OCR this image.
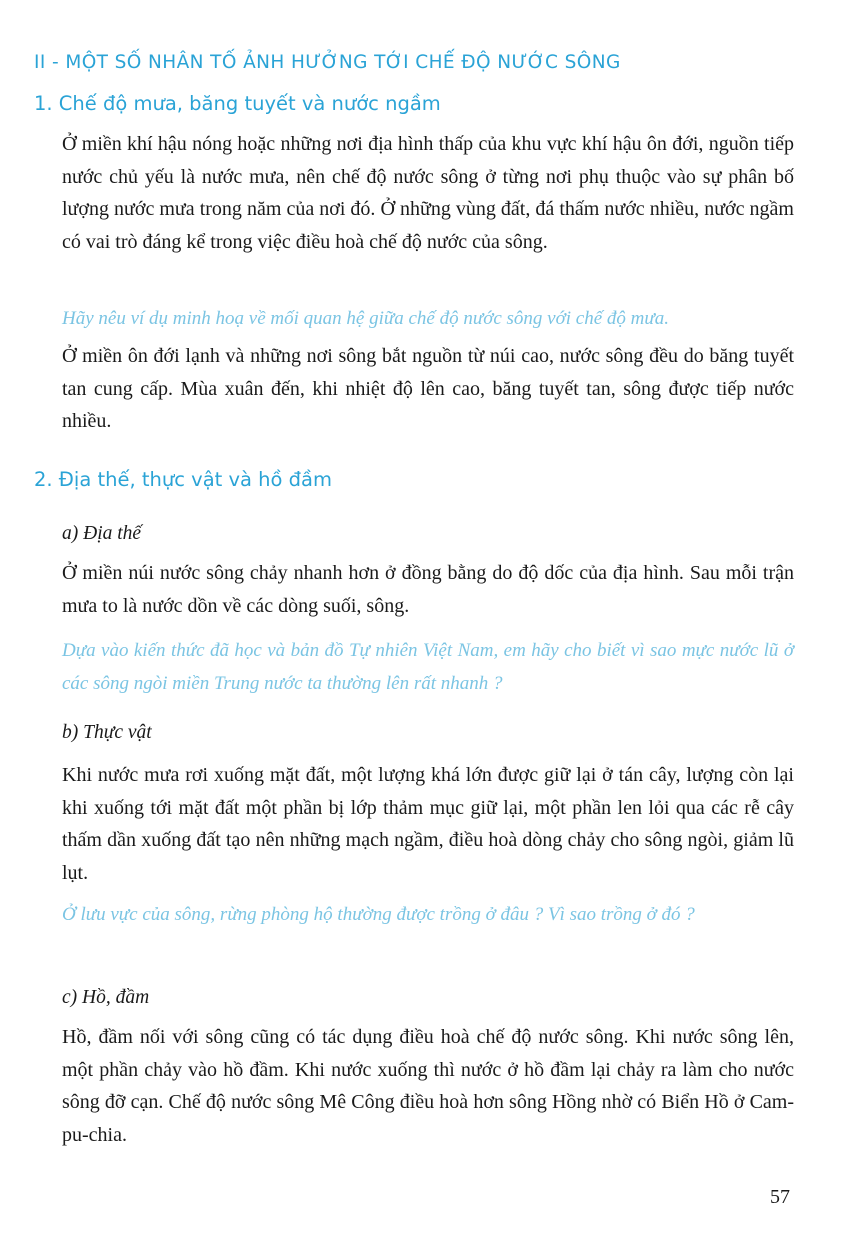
II - MỘT SỐ NHÂN TỐ ẢNH HƯỞNG TỚI CHẾ ĐỘ NƯỚC SÔNG
1. Chế độ mưa, băng tuyết và nước ngầm
Ở miền khí hậu nóng hoặc những nơi địa hình thấp của khu vực khí hậu ôn đới, nguồn tiếp nước chủ yếu là nước mưa, nên chế độ nước sông ở từng nơi phụ thuộc vào sự phân bố lượng nước mưa trong năm của nơi đó. Ở những vùng đất, đá thấm nước nhiều, nước ngầm có vai trò đáng kể trong việc điều hoà chế độ nước của sông.
Hãy nêu ví dụ minh hoạ về mối quan hệ giữa chế độ nước sông với chế độ mưa.
Ở miền ôn đới lạnh và những nơi sông bắt nguồn từ núi cao, nước sông đều do băng tuyết tan cung cấp. Mùa xuân đến, khi nhiệt độ lên cao, băng tuyết tan, sông được tiếp nước nhiều.
2. Địa thế, thực vật và hồ đầm
a) Địa thế
Ở miền núi nước sông chảy nhanh hơn ở đồng bằng do độ dốc của địa hình. Sau mỗi trận mưa to là nước dồn về các dòng suối, sông.
Dựa vào kiến thức đã học và bản đồ Tự nhiên Việt Nam, em hãy cho biết vì sao mực nước lũ ở các sông ngòi miền Trung nước ta thường lên rất nhanh ?
b) Thực vật
Khi nước mưa rơi xuống mặt đất, một lượng khá lớn được giữ lại ở tán cây, lượng còn lại khi xuống tới mặt đất một phần bị lớp thảm mục giữ lại, một phần len lỏi qua các rễ cây thấm dần xuống đất tạo nên những mạch ngầm, điều hoà dòng chảy cho sông ngòi, giảm lũ lụt.
Ở lưu vực của sông, rừng phòng hộ thường được trồng ở đâu ? Vì sao trồng ở đó ?
c) Hồ, đầm
Hồ, đầm nối với sông cũng có tác dụng điều hoà chế độ nước sông. Khi nước sông lên, một phần chảy vào hồ đầm. Khi nước xuống thì nước ở hồ đầm lại chảy ra làm cho nước sông đỡ cạn. Chế độ nước sông Mê Công điều hoà hơn sông Hồng nhờ có Biển Hồ ở Cam-pu-chia.
57
